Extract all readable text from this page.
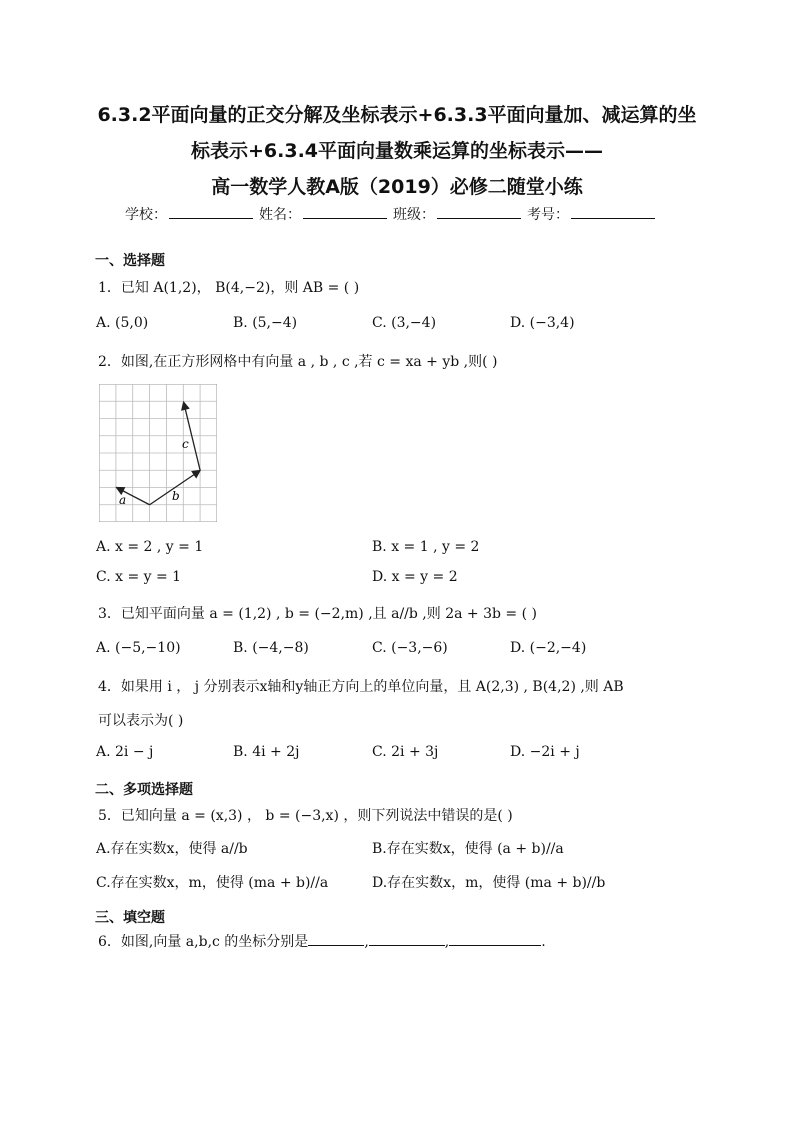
6.3.2平面向量的正交分解及坐标表示+6.3.3平面向量加、减运算的坐
标表示+6.3.4平面向量数乘运算的坐标表示——
高一数学人教A版（2019）必修二随堂小练
学校：	姓名：	班级：	考号：
一、选择题
1．已知 A(1,2)， B(4,−2)，则 AB = ( )
A. (5,0)	B. (5,−4)	C. (3,−4)	D. (−3,4)
2．如图,在正方形网格中有向量 a , b , c ,若 c = xa + yb ,则( )
a	b
c
A. x = 2 , y = 1	B. x = 1 , y = 2
C. x = y = 1	D. x = y = 2
3．已知平面向量 a = (1,2) , b = (−2,m) ,且 a//b ,则 2a + 3b = ( )
A. (−5,−10)	B. (−4,−8)	C. (−3,−6)	D. (−2,−4)
4．如果用 i ， j 分别表示x轴和y轴正方向上的单位向量，且 A(2,3) , B(4,2) ,则 AB
可以表示为( )
A. 2i − j	B. 4i + 2j	C. 2i + 3j	D. −2i + j
二、多项选择题
5．已知向量 a = (x,3) ， b = (−3,x) ，则下列说法中错误的是( )
A.存在实数x，使得 a//b	B.存在实数x，使得 (a + b)//a
C.存在实数x，m，使得 (ma + b)//a	D.存在实数x，m，使得 (ma + b)//b
三、填空题
6．如图,向量 a,b,c 的坐标分别是	,	,	.
